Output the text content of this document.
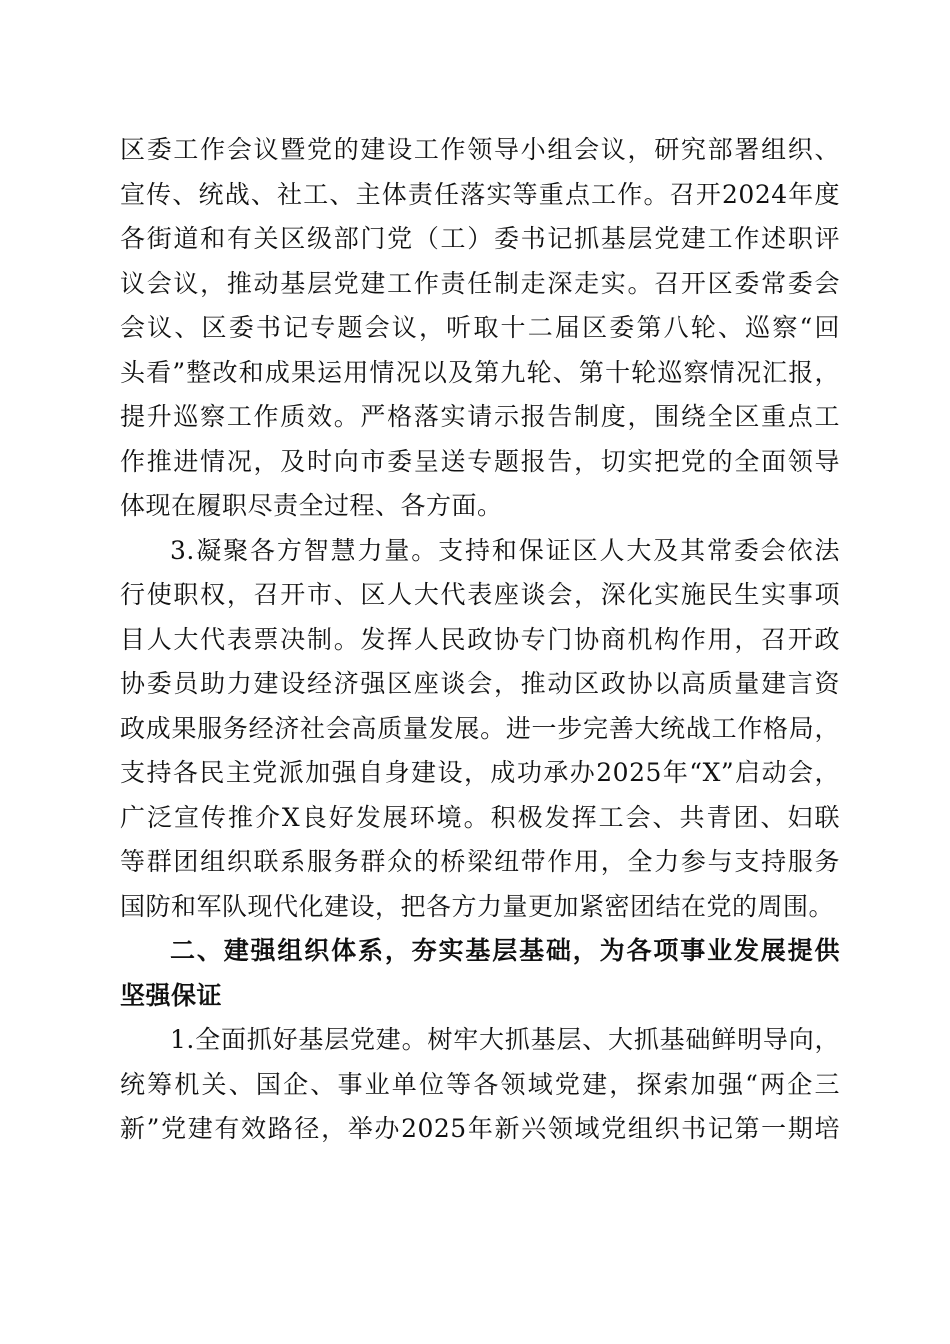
区委工作会议暨党的建设工作领导小组会议，研究部署组织、
宣传、统战、社工、主体责任落实等重点工作。召开2024年度
各街道和有关区级部门党（工）委书记抓基层党建工作述职评
议会议，推动基层党建工作责任制走深走实。召开区委常委会
会议、区委书记专题会议，听取十二届区委第八轮、巡察“回
头看”整改和成果运用情况以及第九轮、第十轮巡察情况汇报，
提升巡察工作质效。严格落实请示报告制度，围绕全区重点工
作推进情况，及时向市委呈送专题报告，切实把党的全面领导
体现在履职尽责全过程、各方面。
3.凝聚各方智慧力量。支持和保证区人大及其常委会依法
行使职权，召开市、区人大代表座谈会，深化实施民生实事项
目人大代表票决制。发挥人民政协专门协商机构作用，召开政
协委员助力建设经济强区座谈会，推动区政协以高质量建言资
政成果服务经济社会高质量发展。进一步完善大统战工作格局，
支持各民主党派加强自身建设，成功承办2025年“X”启动会，
广泛宣传推介X良好发展环境。积极发挥工会、共青团、妇联
等群团组织联系服务群众的桥梁纽带作用，全力参与支持服务
国防和军队现代化建设，把各方力量更加紧密团结在党的周围。
二、建强组织体系，夯实基层基础，为各项事业发展提供
坚强保证
1.全面抓好基层党建。树牢大抓基层、大抓基础鲜明导向，
统筹机关、国企、事业单位等各领域党建，探索加强“两企三
新”党建有效路径，举办2025年新兴领域党组织书记第一期培
